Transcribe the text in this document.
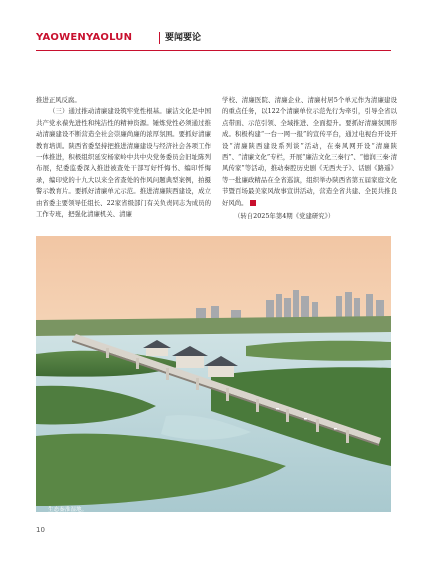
YAOWENYAOLUN	要闻要论

推进正风反腐。

（三）通过推动清廉建设筑牢党性根基。廉洁文化是中国共产党永葆先进性和纯洁性的精神资源。锤炼党性必须通过推动清廉建设不断营造全社会崇廉尚廉的浓厚氛围。要抓好清廉教育培训。陕西省委坚持把推进清廉建设与经济社会各项工作一体推进，积极组织延安杨家岭中共中央党务委员会旧址陈列布展，纪委监委深入推进被查处干部写好忏悔书、编印忏悔录，编印党的十九大以来全省查处的作风问题典型案例，拍摄警示教育片。要抓好清廉单元示范。推进清廉陕西建设，成立由省委主要领导任组长、22家省级部门有关负责同志为成员的工作专班，把强化清廉机关、清廉

学校、清廉医院、清廉企业、清廉村居5个单元作为清廉建设的重点任务，以122个清廉单位示范先行为牵引，引导全省以点带面、示范引领、全域推进、全面提升。要抓好清廉氛围形成。积极构建“一台一网一报”的宣传平台，通过电视台开设开设“清廉陕西建设系列谈”活动，在秦风网开设“清廉陕西”、“清廉文化”专栏，开展“廉洁文化三秦行”、“德润三秦·清风传家”等活动，推动秦腔历史剧《无西夫子》、话剧《路遥》等一批廉政精品在全省巡演，组织举办陕西省第五届家庭文化节暨百场最美家风故事宣讲活动，营造全省共建、全民共推良好风尚。

（转自2025年第4期《党建研究》）

生态秦淮湿地。
10
